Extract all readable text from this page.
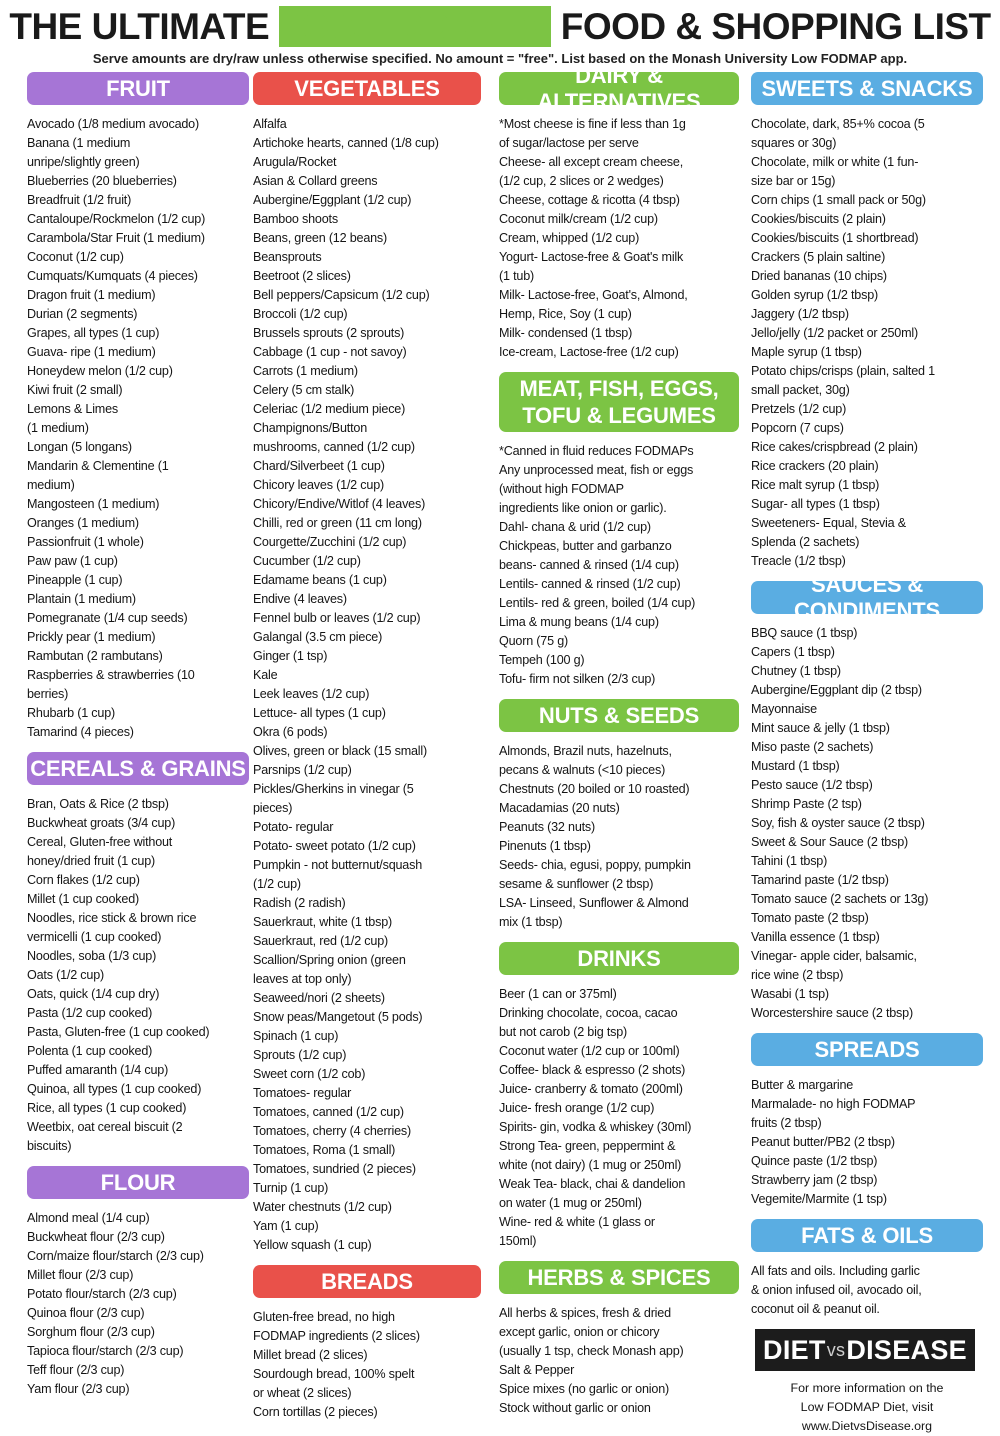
THE ULTIMATE LOW FODMAPs FOOD & SHOPPING LIST
Serve amounts are dry/raw unless otherwise specified. No amount = "free". List based on the Monash University Low FODMAP app.
FRUIT
Avocado (1/8 medium avocado)
Banana (1 medium
unripe/slightly green)
Blueberries (20 blueberries)
Breadfruit (1/2 fruit)
Cantaloupe/Rockmelon (1/2 cup)
Carambola/Star Fruit (1 medium)
Coconut (1/2 cup)
Cumquats/Kumquats (4 pieces)
Dragon fruit (1 medium)
Durian (2 segments)
Grapes, all types (1 cup)
Guava- ripe (1 medium)
Honeydew melon (1/2 cup)
Kiwi fruit (2 small)
Lemons & Limes
(1 medium)
Longan (5 longans)
Mandarin & Clementine (1
medium)
Mangosteen (1 medium)
Oranges (1 medium)
Passionfruit (1 whole)
Paw paw (1 cup)
Pineapple (1 cup)
Plantain (1 medium)
Pomegranate (1/4 cup seeds)
Prickly pear (1 medium)
Rambutan (2 rambutans)
Raspberries & strawberries (10
berries)
Rhubarb (1 cup)
Tamarind (4 pieces)
CEREALS & GRAINS
Bran, Oats & Rice (2 tbsp)
Buckwheat groats (3/4 cup)
Cereal, Gluten-free without
honey/dried fruit (1 cup)
Corn flakes (1/2 cup)
Millet (1 cup cooked)
Noodles, rice stick & brown rice
vermicelli (1 cup cooked)
Noodles, soba (1/3 cup)
Oats (1/2 cup)
Oats, quick (1/4 cup dry)
Pasta (1/2 cup cooked)
Pasta, Gluten-free (1 cup cooked)
Polenta (1 cup cooked)
Puffed amaranth (1/4 cup)
Quinoa, all types (1 cup cooked)
Rice, all types (1 cup cooked)
Weetbix, oat cereal biscuit (2
biscuits)
FLOUR
Almond meal (1/4 cup)
Buckwheat flour (2/3 cup)
Corn/maize flour/starch (2/3 cup)
Millet flour (2/3 cup)
Potato flour/starch (2/3 cup)
Quinoa flour (2/3 cup)
Sorghum flour (2/3 cup)
Tapioca flour/starch (2/3 cup)
Teff flour (2/3 cup)
Yam flour (2/3 cup)
VEGETABLES
Alfalfa
Artichoke hearts, canned (1/8 cup)
Arugula/Rocket
Asian & Collard greens
Aubergine/Eggplant (1/2 cup)
Bamboo shoots
Beans, green (12 beans)
Beansprouts
Beetroot (2 slices)
Bell peppers/Capsicum (1/2 cup)
Broccoli (1/2 cup)
Brussels sprouts (2 sprouts)
Cabbage (1 cup - not savoy)
Carrots (1 medium)
Celery (5 cm stalk)
Celeriac (1/2 medium piece)
Champignons/Button
mushrooms, canned (1/2 cup)
Chard/Silverbeet (1 cup)
Chicory leaves (1/2 cup)
Chicory/Endive/Witlof (4 leaves)
Chilli, red or green (11 cm long)
Courgette/Zucchini (1/2 cup)
Cucumber (1/2 cup)
Edamame beans (1 cup)
Endive (4 leaves)
Fennel bulb or leaves (1/2 cup)
Galangal (3.5 cm piece)
Ginger (1 tsp)
Kale
Leek leaves (1/2 cup)
Lettuce- all types (1 cup)
Okra (6 pods)
Olives, green or black (15 small)
Parsnips (1/2 cup)
Pickles/Gherkins in vinegar (5
pieces)
Potato- regular
Potato- sweet potato (1/2 cup)
Pumpkin - not butternut/squash
(1/2 cup)
Radish (2 radish)
Sauerkraut, white (1 tbsp)
Sauerkraut, red (1/2 cup)
Scallion/Spring onion (green
leaves at top only)
Seaweed/nori (2 sheets)
Snow peas/Mangetout (5 pods)
Spinach (1 cup)
Sprouts (1/2 cup)
Sweet corn (1/2 cob)
Tomatoes- regular
Tomatoes, canned (1/2 cup)
Tomatoes, cherry (4 cherries)
Tomatoes, Roma (1 small)
Tomatoes, sundried (2 pieces)
Turnip (1 cup)
Water chestnuts (1/2 cup)
Yam (1 cup)
Yellow squash (1 cup)
BREADS
Gluten-free bread, no high
FODMAP ingredients (2 slices)
Millet bread (2 slices)
Sourdough bread, 100% spelt
or wheat (2 slices)
Corn tortillas (2 pieces)
DAIRY & ALTERNATIVES
*Most cheese is fine if less than 1g
of sugar/lactose per serve
Cheese- all except cream cheese,
(1/2 cup, 2 slices or 2 wedges)
Cheese, cottage & ricotta (4 tbsp)
Coconut milk/cream (1/2 cup)
Cream, whipped (1/2 cup)
Yogurt- Lactose-free & Goat's milk
(1 tub)
Milk- Lactose-free, Goat's, Almond,
Hemp, Rice, Soy (1 cup)
Milk- condensed (1 tbsp)
Ice-cream, Lactose-free (1/2 cup)
MEAT, FISH, EGGS,
TOFU & LEGUMES
*Canned in fluid reduces FODMAPs
Any unprocessed meat, fish or eggs
(without high FODMAP
ingredients like onion or garlic).
Dahl- chana & urid (1/2 cup)
Chickpeas, butter and garbanzo
beans- canned & rinsed (1/4 cup)
Lentils- canned & rinsed (1/2 cup)
Lentils- red & green, boiled (1/4 cup)
Lima & mung beans (1/4 cup)
Quorn (75 g)
Tempeh (100 g)
Tofu- firm not silken (2/3 cup)
NUTS & SEEDS
Almonds, Brazil nuts, hazelnuts,
pecans & walnuts (<10 pieces)
Chestnuts (20 boiled or 10 roasted)
Macadamias (20 nuts)
Peanuts (32 nuts)
Pinenuts (1 tbsp)
Seeds- chia, egusi, poppy, pumpkin
sesame & sunflower (2 tbsp)
LSA- Linseed, Sunflower & Almond
mix (1 tbsp)
DRINKS
Beer (1 can or 375ml)
Drinking chocolate, cocoa, cacao
but not carob (2 big tsp)
Coconut water (1/2 cup or 100ml)
Coffee- black & espresso (2 shots)
Juice- cranberry & tomato (200ml)
Juice- fresh orange (1/2 cup)
Spirits- gin, vodka & whiskey (30ml)
Strong Tea- green, peppermint &
white (not dairy) (1 mug or 250ml)
Weak Tea- black, chai & dandelion
on water (1 mug or 250ml)
Wine- red & white (1 glass or
150ml)
HERBS & SPICES
All herbs & spices, fresh & dried
except garlic, onion or chicory
(usually 1 tsp, check Monash app)
Salt & Pepper
Spice mixes (no garlic or onion)
Stock without garlic or onion
SWEETS & SNACKS
Chocolate, dark, 85+% cocoa (5
squares or 30g)
Chocolate, milk or white (1 fun-
size bar or 15g)
Corn chips (1 small pack or 50g)
Cookies/biscuits (2 plain)
Cookies/biscuits (1 shortbread)
Crackers (5 plain saltine)
Dried bananas (10 chips)
Golden syrup (1/2 tbsp)
Jaggery (1/2 tbsp)
Jello/jelly (1/2 packet or 250ml)
Maple syrup (1 tbsp)
Potato chips/crisps (plain, salted 1
small packet, 30g)
Pretzels (1/2 cup)
Popcorn (7 cups)
Rice cakes/crispbread (2 plain)
Rice crackers (20 plain)
Rice malt syrup (1 tbsp)
Sugar- all types (1 tbsp)
Sweeteners- Equal, Stevia &
Splenda (2 sachets)
Treacle (1/2 tbsp)
SAUCES & CONDIMENTS
BBQ sauce (1 tbsp)
Capers (1 tbsp)
Chutney (1 tbsp)
Aubergine/Eggplant dip (2 tbsp)
Mayonnaise
Mint sauce & jelly (1 tbsp)
Miso paste (2 sachets)
Mustard (1 tbsp)
Pesto sauce (1/2 tbsp)
Shrimp Paste (2 tsp)
Soy, fish & oyster sauce (2 tbsp)
Sweet & Sour Sauce (2 tbsp)
Tahini (1 tbsp)
Tamarind paste (1/2 tbsp)
Tomato sauce (2 sachets or 13g)
Tomato paste (2 tbsp)
Vanilla essence (1 tbsp)
Vinegar- apple cider, balsamic,
rice wine (2 tbsp)
Wasabi (1 tsp)
Worcestershire sauce (2 tbsp)
SPREADS
Butter & margarine
Marmalade- no high FODMAP
fruits (2 tbsp)
Peanut butter/PB2 (2 tbsp)
Quince paste (1/2 tbsp)
Strawberry jam (2 tbsp)
Vegemite/Marmite (1 tsp)
FATS & OILS
All fats and oils. Including garlic
& onion infused oil, avocado oil,
coconut oil & peanut oil.
DIET vs DISEASE
For more information on the
Low FODMAP Diet, visit
www.DietvsDisease.org
